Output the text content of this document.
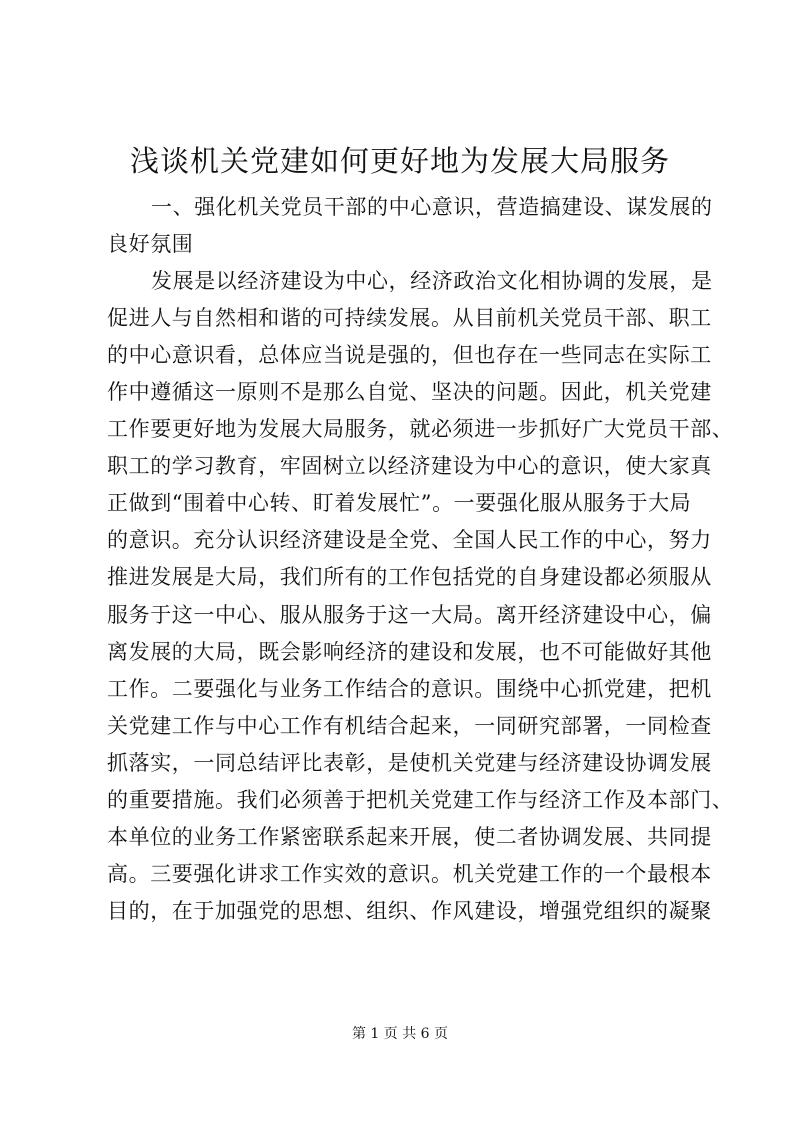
浅谈机关党建如何更好地为发展大局服务
一、强化机关党员干部的中心意识，营造搞建设、谋发展的
良好氛围
发展是以经济建设为中心，经济政治文化相协调的发展，是
促进人与自然相和谐的可持续发展。从目前机关党员干部、职工
的中心意识看，总体应当说是强的，但也存在一些同志在实际工
作中遵循这一原则不是那么自觉、坚决的问题。因此，机关党建
工作要更好地为发展大局服务，就必须进一步抓好广大党员干部、
职工的学习教育，牢固树立以经济建设为中心的意识，使大家真
正做到“围着中心转、盯着发展忙”。一要强化服从服务于大局
的意识。充分认识经济建设是全党、全国人民工作的中心，努力
推进发展是大局，我们所有的工作包括党的自身建设都必须服从
服务于这一中心、服从服务于这一大局。离开经济建设中心，偏
离发展的大局，既会影响经济的建设和发展，也不可能做好其他
工作。二要强化与业务工作结合的意识。围绕中心抓党建，把机
关党建工作与中心工作有机结合起来，一同研究部署，一同检查
抓落实，一同总结评比表彰，是使机关党建与经济建设协调发展
的重要措施。我们必须善于把机关党建工作与经济工作及本部门、
本单位的业务工作紧密联系起来开展，使二者协调发展、共同提
高。三要强化讲求工作实效的意识。机关党建工作的一个最根本
目的，在于加强党的思想、组织、作风建设，增强党组织的凝聚
第 1 页 共 6 页
